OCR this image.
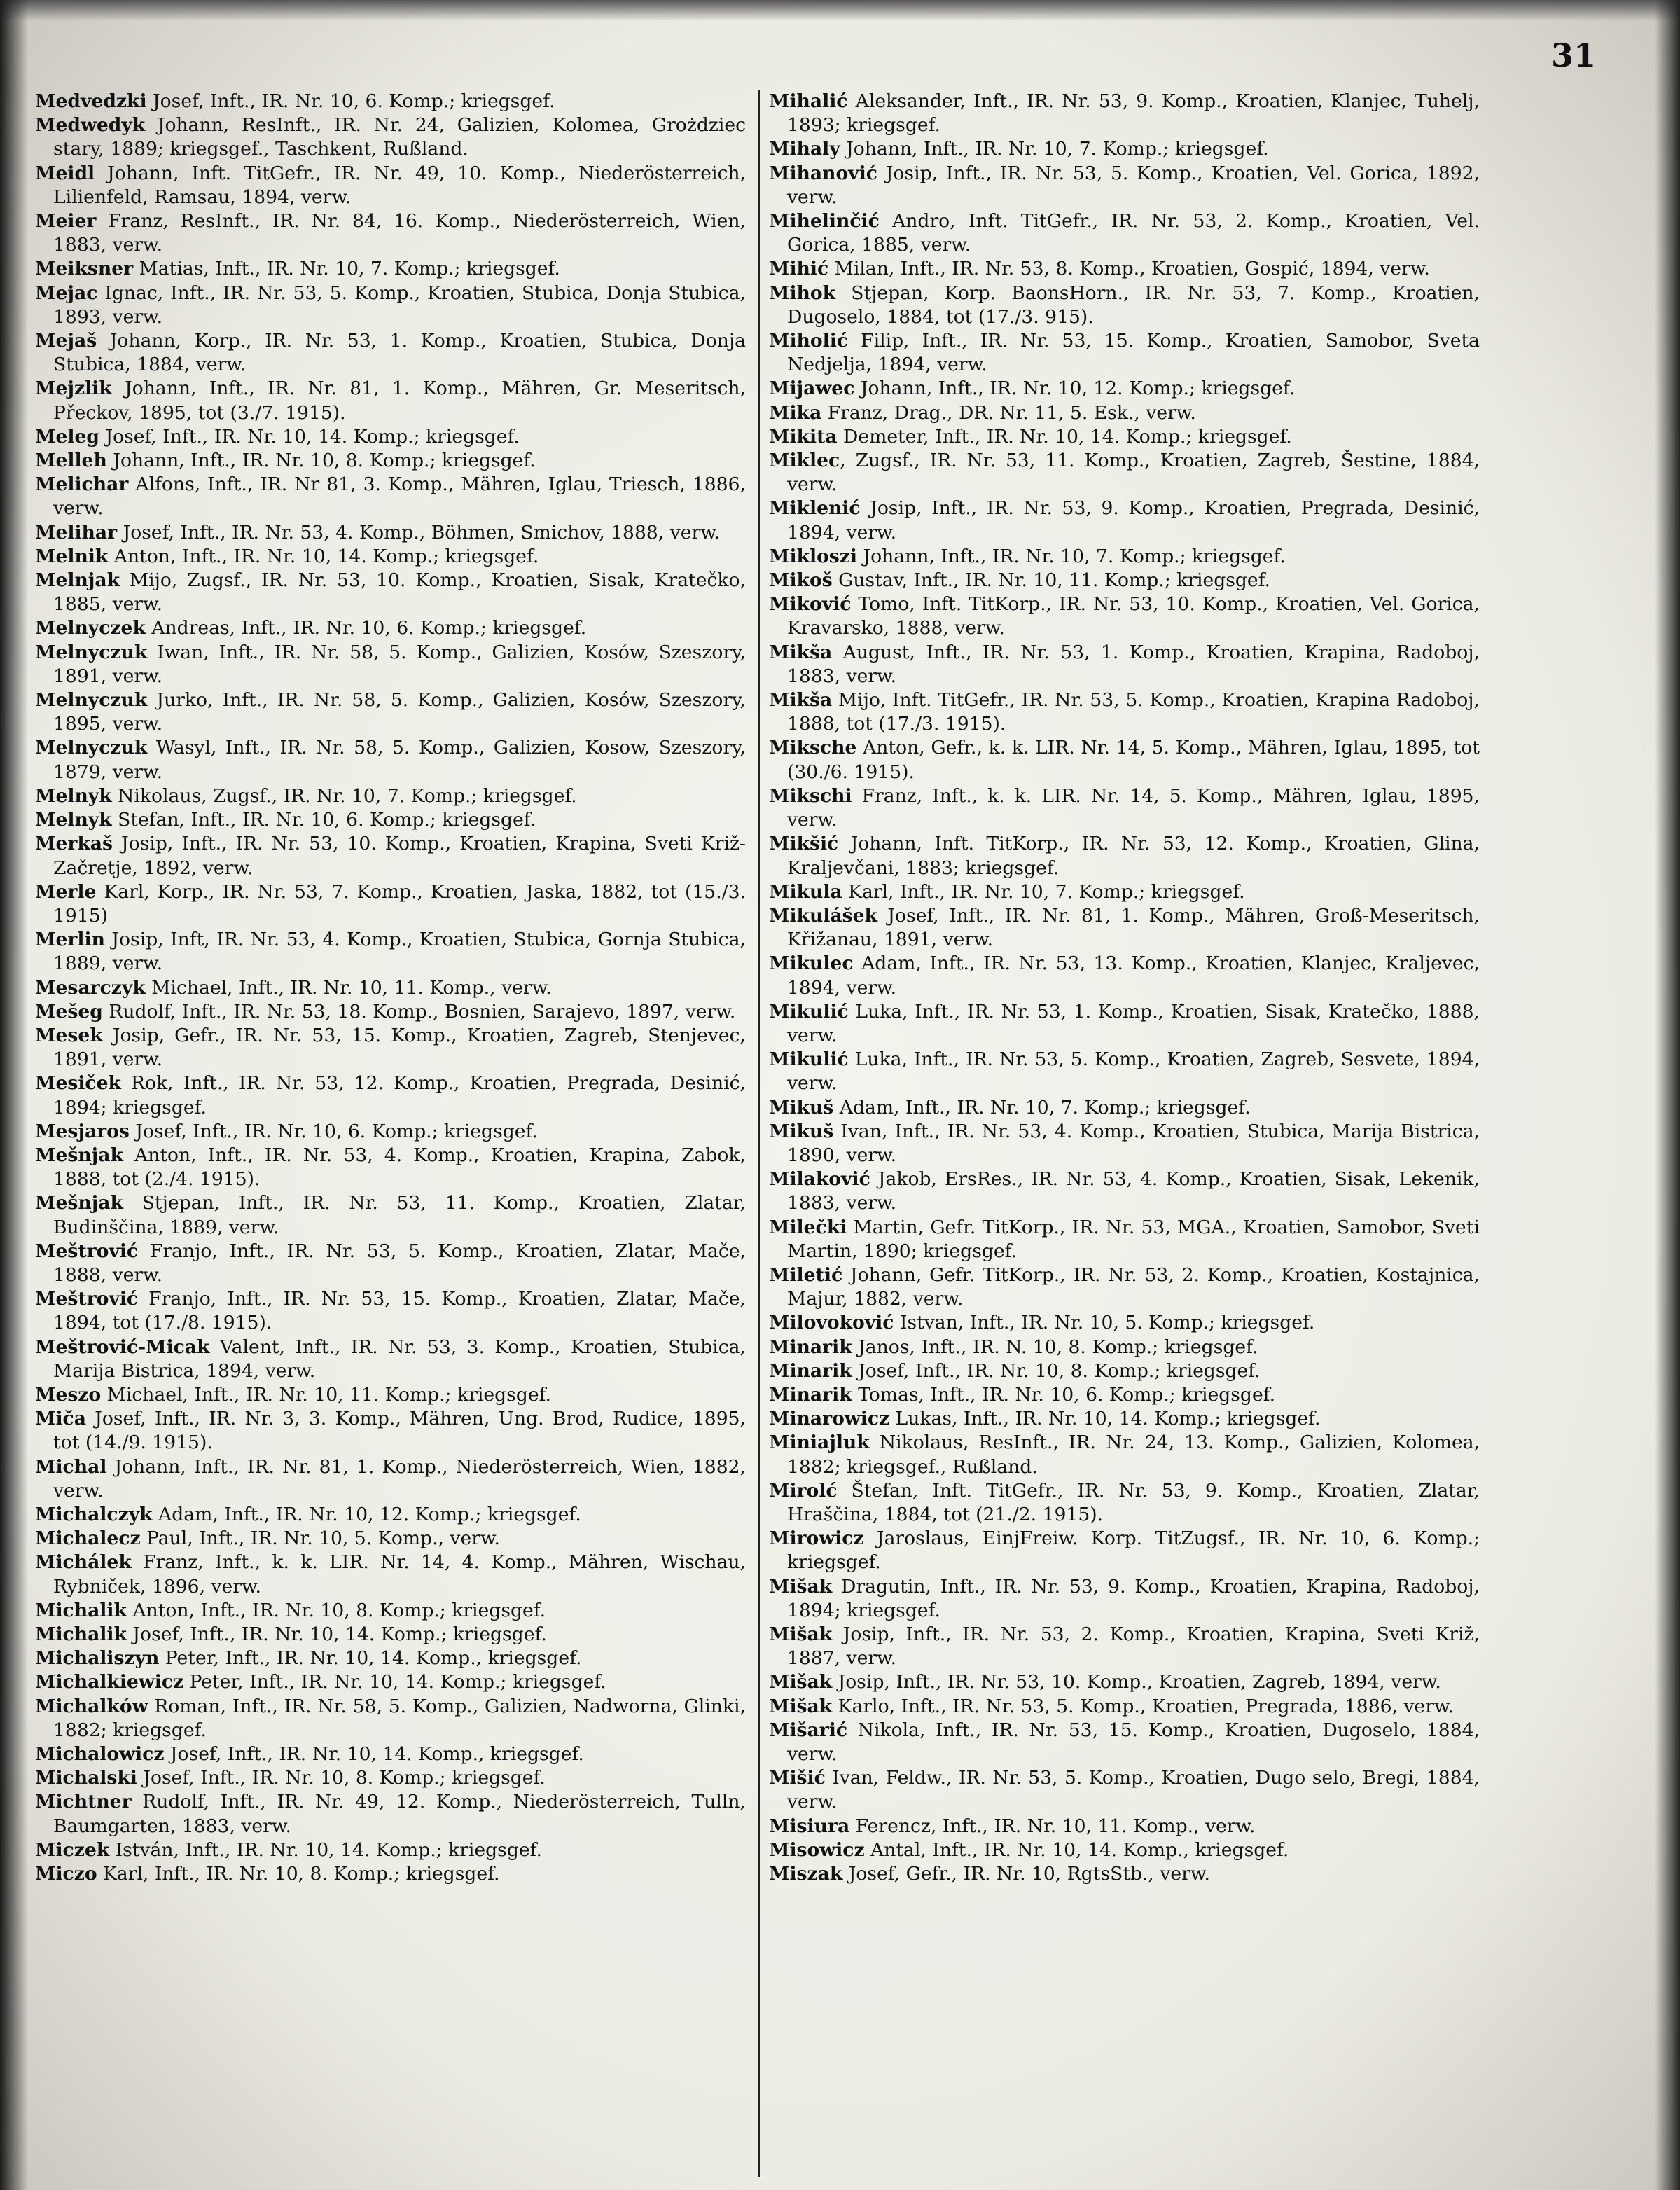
31
Medvedzki Josef, Inft., IR. Nr. 10, 6. Komp.; kriegsgef.
Medwedyk Johann, ResInft., IR. Nr. 24, Galizien, Kolomea, Grożdziec stary, 1889; kriegsgef., Taschkent, Rußland.
Meidl Johann, Inft. TitGefr., IR. Nr. 49, 10. Komp., Niederösterreich, Lilienfeld, Ramsau, 1894, verw.
Meier Franz, ResInft., IR. Nr. 84, 16. Komp., Niederösterreich, Wien, 1883, verw.
Meiksner Matias, Inft., IR. Nr. 10, 7. Komp.; kriegsgef.
Mejac Ignac, Inft., IR. Nr. 53, 5. Komp., Kroatien, Stubica, Donja Stubica, 1893, verw.
Mejaš Johann, Korp., IR. Nr. 53, 1. Komp., Kroatien, Stubica, Donja Stubica, 1884, verw.
Mejzlik Johann, Inft., IR. Nr. 81, 1. Komp., Mähren, Gr. Meseritsch, Přeckov, 1895, tot (3./7. 1915).
Meleg Josef, Inft., IR. Nr. 10, 14. Komp.; kriegsgef.
Melleh Johann, Inft., IR. Nr. 10, 8. Komp.; kriegsgef.
Melichar Alfons, Inft., IR. Nr 81, 3. Komp., Mähren, Iglau, Triesch, 1886, verw.
Melihar Josef, Inft., IR. Nr. 53, 4. Komp., Böhmen, Smichov, 1888, verw.
Melnik Anton, Inft., IR. Nr. 10, 14. Komp.; kriegsgef.
Melnjak Mijo, Zugsf., IR. Nr. 53, 10. Komp., Kroatien, Sisak, Kratečko, 1885, verw.
Melnyczek Andreas, Inft., IR. Nr. 10, 6. Komp.; kriegsgef.
Melnyczuk Iwan, Inft., IR. Nr. 58, 5. Komp., Galizien, Kosów, Szeszory, 1891, verw.
Melnyczuk Jurko, Inft., IR. Nr. 58, 5. Komp., Galizien, Kosów, Szeszory, 1895, verw.
Melnyczuk Wasyl, Inft., IR. Nr. 58, 5. Komp., Galizien, Kosow, Szeszory, 1879, verw.
Melnyk Nikolaus, Zugsf., IR. Nr. 10, 7. Komp.; kriegsgef.
Melnyk Stefan, Inft., IR. Nr. 10, 6. Komp.; kriegsgef.
Merkaš Josip, Inft., IR. Nr. 53, 10. Komp., Kroatien, Krapina, Sveti Križ-Začretje, 1892, verw.
Merle Karl, Korp., IR. Nr. 53, 7. Komp., Kroatien, Jaska, 1882, tot (15./3. 1915)
Merlin Josip, Inft, IR. Nr. 53, 4. Komp., Kroatien, Stubica, Gornja Stubica, 1889, verw.
Mesarczyk Michael, Inft., IR. Nr. 10, 11. Komp., verw.
Mešeg Rudolf, Inft., IR. Nr. 53, 18. Komp., Bosnien, Sarajevo, 1897, verw.
Mesek Josip, Gefr., IR. Nr. 53, 15. Komp., Kroatien, Zagreb, Stenjevec, 1891, verw.
Mesiček Rok, Inft., IR. Nr. 53, 12. Komp., Kroatien, Pregrada, Desinić, 1894; kriegsgef.
Mesjaros Josef, Inft., IR. Nr. 10, 6. Komp.; kriegsgef.
Mešnjak Anton, Inft., IR. Nr. 53, 4. Komp., Kroatien, Krapina, Zabok, 1888, tot (2./4. 1915).
Mešnjak Stjepan, Inft., IR. Nr. 53, 11. Komp., Kroatien, Zlatar, Budinščina, 1889, verw.
Meštrović Franjo, Inft., IR. Nr. 53, 5. Komp., Kroatien, Zlatar, Mače, 1888, verw.
Meštrović Franjo, Inft., IR. Nr. 53, 15. Komp., Kroatien, Zlatar, Mače, 1894, tot (17./8. 1915).
Meštrović-Micak Valent, Inft., IR. Nr. 53, 3. Komp., Kroatien, Stubica, Marija Bistrica, 1894, verw.
Meszo Michael, Inft., IR. Nr. 10, 11. Komp.; kriegsgef.
Miča Josef, Inft., IR. Nr. 3, 3. Komp., Mähren, Ung. Brod, Rudice, 1895, tot (14./9. 1915).
Michal Johann, Inft., IR. Nr. 81, 1. Komp., Niederösterreich, Wien, 1882, verw.
Michalczyk Adam, Inft., IR. Nr. 10, 12. Komp.; kriegsgef.
Michalecz Paul, Inft., IR. Nr. 10, 5. Komp., verw.
Michálek Franz, Inft., k. k. LIR. Nr. 14, 4. Komp., Mähren, Wischau, Rybniček, 1896, verw.
Michalik Anton, Inft., IR. Nr. 10, 8. Komp.; kriegsgef.
Michalik Josef, Inft., IR. Nr. 10, 14. Komp.; kriegsgef.
Michaliszyn Peter, Inft., IR. Nr. 10, 14. Komp., kriegsgef.
Michalkiewicz Peter, Inft., IR. Nr. 10, 14. Komp.; kriegsgef.
Michalków Roman, Inft., IR. Nr. 58, 5. Komp., Galizien, Nadworna, Glinki, 1882; kriegsgef.
Michalowicz Josef, Inft., IR. Nr. 10, 14. Komp., kriegsgef.
Michalski Josef, Inft., IR. Nr. 10, 8. Komp.; kriegsgef.
Michtner Rudolf, Inft., IR. Nr. 49, 12. Komp., Niederösterreich, Tulln, Baumgarten, 1883, verw.
Miczek István, Inft., IR. Nr. 10, 14. Komp.; kriegsgef.
Miczo Karl, Inft., IR. Nr. 10, 8. Komp.; kriegsgef.
Mihalić Aleksander, Inft., IR. Nr. 53, 9. Komp., Kroatien, Klanjec, Tuhelj, 1893; kriegsgef.
Mihaly Johann, Inft., IR. Nr. 10, 7. Komp.; kriegsgef.
Mihanović Josip, Inft., IR. Nr. 53, 5. Komp., Kroatien, Vel. Gorica, 1892, verw.
Mihelinčić Andro, Inft. TitGefr., IR. Nr. 53, 2. Komp., Kroatien, Vel. Gorica, 1885, verw.
Mihić Milan, Inft., IR. Nr. 53, 8. Komp., Kroatien, Gospić, 1894, verw.
Mihok Stjepan, Korp. BaonsHorn., IR. Nr. 53, 7. Komp., Kroatien, Dugoselo, 1884, tot (17./3. 915).
Miholić Filip, Inft., IR. Nr. 53, 15. Komp., Kroatien, Samobor, Sveta Nedjelja, 1894, verw.
Mijawec Johann, Inft., IR. Nr. 10, 12. Komp.; kriegsgef.
Mika Franz, Drag., DR. Nr. 11, 5. Esk., verw.
Mikita Demeter, Inft., IR. Nr. 10, 14. Komp.; kriegsgef.
Miklec, Zugsf., IR. Nr. 53, 11. Komp., Kroatien, Zagreb, Šestine, 1884, verw.
Miklenić Josip, Inft., IR. Nr. 53, 9. Komp., Kroatien, Pregrada, Desinić, 1894, verw.
Mikloszi Johann, Inft., IR. Nr. 10, 7. Komp.; kriegsgef.
Mikoš Gustav, Inft., IR. Nr. 10, 11. Komp.; kriegsgef.
Miković Tomo, Inft. TitKorp., IR. Nr. 53, 10. Komp., Kroatien, Vel. Gorica, Kravarsko, 1888, verw.
Mikša August, Inft., IR. Nr. 53, 1. Komp., Kroatien, Krapina, Radoboj, 1883, verw.
Mikša Mijo, Inft. TitGefr., IR. Nr. 53, 5. Komp., Kroatien, Krapina Radoboj, 1888, tot (17./3. 1915).
Miksche Anton, Gefr., k. k. LIR. Nr. 14, 5. Komp., Mähren, Iglau, 1895, tot (30./6. 1915).
Mikschi Franz, Inft., k. k. LIR. Nr. 14, 5. Komp., Mähren, Iglau, 1895, verw.
Mikšić Johann, Inft. TitKorp., IR. Nr. 53, 12. Komp., Kroatien, Glina, Kraljevčani, 1883; kriegsgef.
Mikula Karl, Inft., IR. Nr. 10, 7. Komp.; kriegsgef.
Mikulášek Josef, Inft., IR. Nr. 81, 1. Komp., Mähren, Groß-Meseritsch, Křižanau, 1891, verw.
Mikulec Adam, Inft., IR. Nr. 53, 13. Komp., Kroatien, Klanjec, Kraljevec, 1894, verw.
Mikulić Luka, Inft., IR. Nr. 53, 1. Komp., Kroatien, Sisak, Kratečko, 1888, verw.
Mikulić Luka, Inft., IR. Nr. 53, 5. Komp., Kroatien, Zagreb, Sesvete, 1894, verw.
Mikuš Adam, Inft., IR. Nr. 10, 7. Komp.; kriegsgef.
Mikuš Ivan, Inft., IR. Nr. 53, 4. Komp., Kroatien, Stubica, Marija Bistrica, 1890, verw.
Milaković Jakob, ErsRes., IR. Nr. 53, 4. Komp., Kroatien, Sisak, Lekenik, 1883, verw.
Milečki Martin, Gefr. TitKorp., IR. Nr. 53, MGA., Kroatien, Samobor, Sveti Martin, 1890; kriegsgef.
Miletić Johann, Gefr. TitKorp., IR. Nr. 53, 2. Komp., Kroatien, Kostajnica, Majur, 1882, verw.
Milovoković Istvan, Inft., IR. Nr. 10, 5. Komp.; kriegsgef.
Minarik Janos, Inft., IR. N. 10, 8. Komp.; kriegsgef.
Minarik Josef, Inft., IR. Nr. 10, 8. Komp.; kriegsgef.
Minarik Tomas, Inft., IR. Nr. 10, 6. Komp.; kriegsgef.
Minarowicz Lukas, Inft., IR. Nr. 10, 14. Komp.; kriegsgef.
Miniajluk Nikolaus, ResInft., IR. Nr. 24, 13. Komp., Galizien, Kolomea, 1882; kriegsgef., Rußland.
Mirolć Štefan, Inft. TitGefr., IR. Nr. 53, 9. Komp., Kroatien, Zlatar, Hraščina, 1884, tot (21./2. 1915).
Mirowicz Jaroslaus, EinjFreiw. Korp. TitZugsf., IR. Nr. 10, 6. Komp.; kriegsgef.
Mišak Dragutin, Inft., IR. Nr. 53, 9. Komp., Kroatien, Krapina, Radoboj, 1894; kriegsgef.
Mišak Josip, Inft., IR. Nr. 53, 2. Komp., Kroatien, Krapina, Sveti Križ, 1887, verw.
Mišak Josip, Inft., IR. Nr. 53, 10. Komp., Kroatien, Zagreb, 1894, verw.
Mišak Karlo, Inft., IR. Nr. 53, 5. Komp., Kroatien, Pregrada, 1886, verw.
Mišarić Nikola, Inft., IR. Nr. 53, 15. Komp., Kroatien, Dugoselo, 1884, verw.
Mišić Ivan, Feldw., IR. Nr. 53, 5. Komp., Kroatien, Dugo selo, Bregi, 1884, verw.
Misiura Ferencz, Inft., IR. Nr. 10, 11. Komp., verw.
Misowicz Antal, Inft., IR. Nr. 10, 14. Komp., kriegsgef.
Miszak Josef, Gefr., IR. Nr. 10, RgtsStb., verw.
